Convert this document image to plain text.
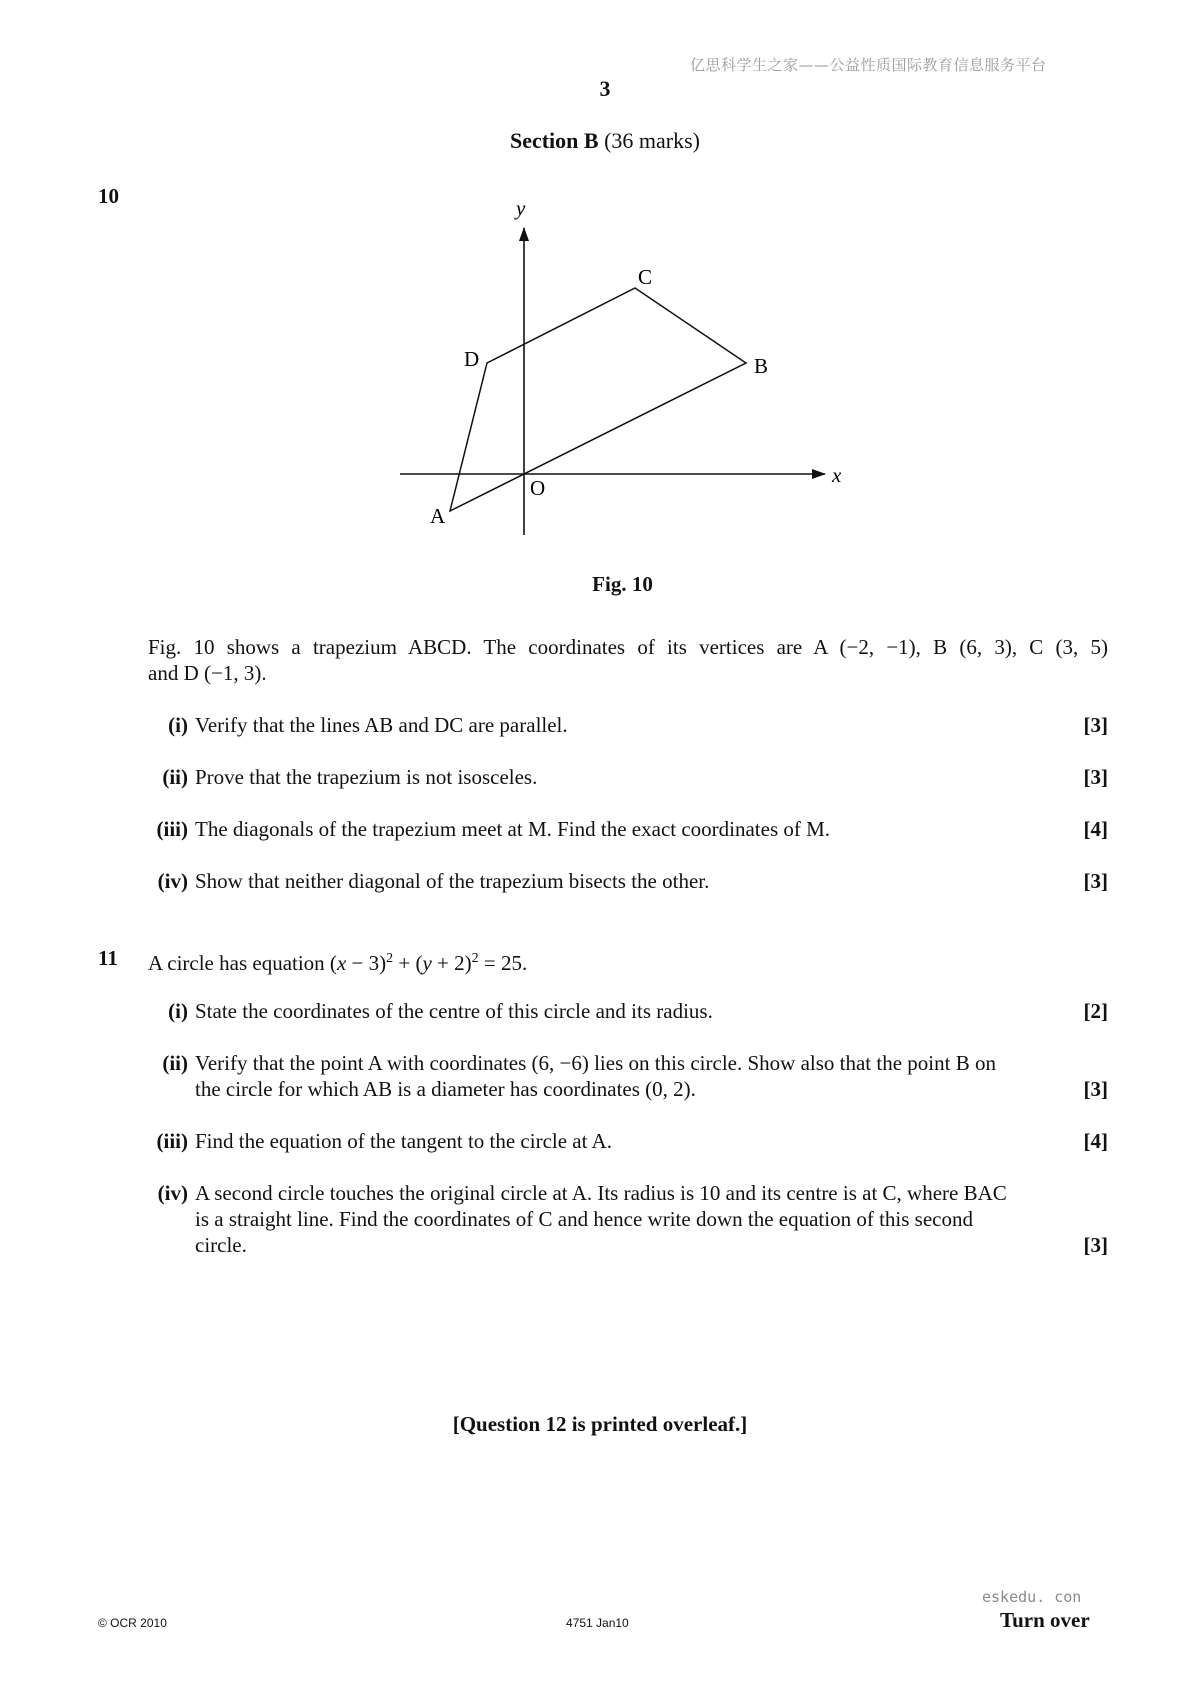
亿思科学生之家——公益性质国际教育信息服务平台
3
Section B (36 marks)
10
x
y
O
A
B
C
D
Fig. 10
Fig. 10 shows a trapezium ABCD. The coordinates of its vertices are A (−2, −1), B (6, 3), C (3, 5)
and D (−1, 3).
(i) Verify that the lines AB and DC are parallel.	[3]
(ii) Prove that the trapezium is not isosceles.	[3]
(iii) The diagonals of the trapezium meet at M. Find the exact coordinates of M.	[4]
(iv) Show that neither diagonal of the trapezium bisects the other.	[3]
11 A circle has equation $(x - 3)^2 + (y + 2)^2 = 25$.
(i) State the coordinates of the centre of this circle and its radius.	[2]
(ii) Verify that the point A with coordinates (6, −6) lies on this circle. Show also that the point B on
the circle for which AB is a diameter has coordinates (0, 2).	[3]
(iii) Find the equation of the tangent to the circle at A.	[4]
(iv) A second circle touches the original circle at A. Its radius is 10 and its centre is at C, where BAC
is a straight line. Find the coordinates of C and hence write down the equation of this second
circle.	[3]
[Question 12 is printed overleaf.]
© OCR 2010	4751 Jan10
eskedu. con
Turn over
